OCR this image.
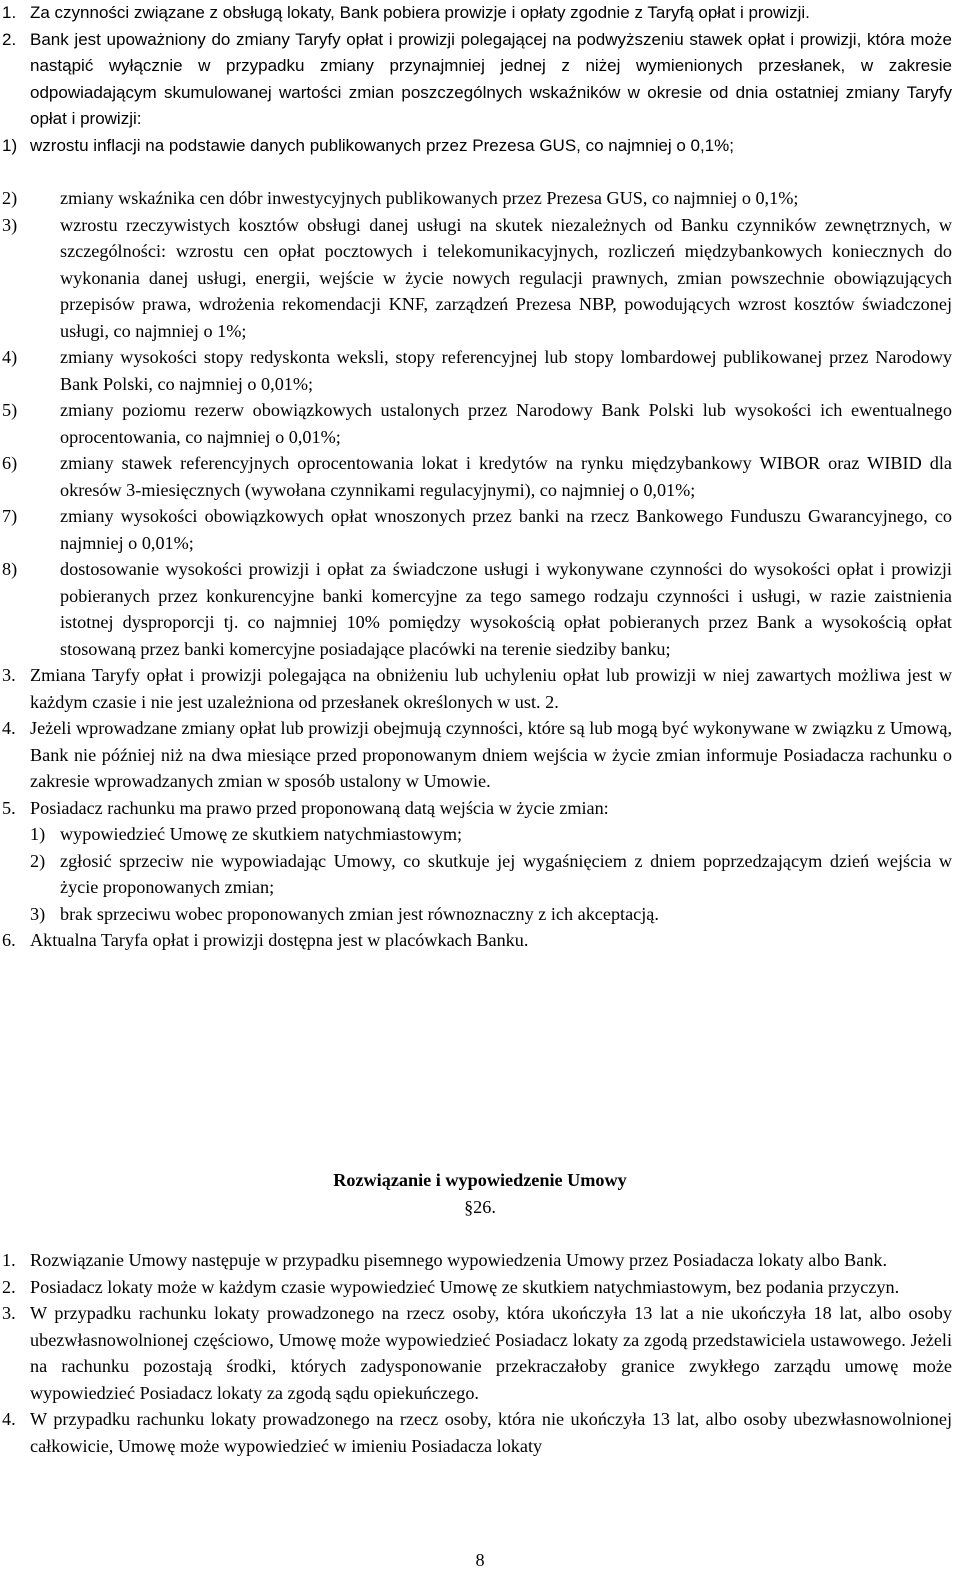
1. Za czynności związane z obsługą lokaty, Bank pobiera prowizje i opłaty zgodnie z Taryfą opłat i prowizji.
2. Bank jest upoważniony do zmiany Taryfy opłat i prowizji polegającej na podwyższeniu stawek opłat i prowizji, która może nastąpić wyłącznie w przypadku zmiany przynajmniej jednej z niżej wymienionych przesłanek, w zakresie odpowiadającym skumulowanej wartości zmian poszczególnych wskaźników w okresie od dnia ostatniej zmiany Taryfy opłat i prowizji:
1) wzrostu inflacji na podstawie danych publikowanych przez Prezesa GUS, co najmniej o 0,1%;
2) zmiany wskaźnika cen dóbr inwestycyjnych publikowanych przez Prezesa GUS, co najmniej o 0,1%;
3) wzrostu rzeczywistych kosztów obsługi danej usługi na skutek niezależnych od Banku czynników zewnętrznych, w szczególności: wzrostu cen opłat pocztowych i telekomunikacyjnych, rozliczeń międzybankowych koniecznych do wykonania danej usługi, energii, wejście w życie nowych regulacji prawnych, zmian powszechnie obowiązujących przepisów prawa, wdrożenia rekomendacji KNF, zarządzeń Prezesa NBP, powodujących wzrost kosztów świadczonej usługi, co najmniej o 1%;
4) zmiany wysokości stopy redyskonta weksli, stopy referencyjnej lub stopy lombardowej publikowanej przez Narodowy Bank Polski, co najmniej o 0,01%;
5) zmiany poziomu rezerw obowiązkowych ustalonych przez Narodowy Bank Polski lub wysokości ich ewentualnego oprocentowania, co najmniej o 0,01%;
6) zmiany stawek referencyjnych oprocentowania lokat i kredytów na rynku międzybankowy WIBOR oraz WIBID dla okresów 3-miesięcznych (wywołana czynnikami regulacyjnymi), co najmniej o 0,01%;
7) zmiany wysokości obowiązkowych opłat wnoszonych przez banki na rzecz Bankowego Funduszu Gwarancyjnego, co najmniej o 0,01%;
8) dostosowanie wysokości prowizji i opłat za świadczone usługi i wykonywane czynności do wysokości opłat i prowizji pobieranych przez konkurencyjne banki komercyjne za tego samego rodzaju czynności i usługi, w razie zaistnienia istotnej dysproporcji tj. co najmniej 10% pomiędzy wysokością opłat pobieranych przez Bank a wysokością opłat stosowaną przez banki komercyjne posiadające placówki na terenie siedziby banku;
3. Zmiana Taryfy opłat i prowizji polegająca na obniżeniu lub uchyleniu opłat lub prowizji w niej zawartych możliwa jest w każdym czasie i nie jest uzależniona od przesłanek określonych w ust. 2.
4. Jeżeli wprowadzane zmiany opłat lub prowizji obejmują czynności, które są lub mogą być wykonywane w związku z Umową, Bank nie później niż na dwa miesiące przed proponowanym dniem wejścia w życie zmian informuje Posiadacza rachunku o zakresie wprowadzanych zmian w sposób ustalony w Umowie.
5. Posiadacz rachunku ma prawo przed proponowaną datą wejścia w życie zmian:
1) wypowiedzieć Umowę ze skutkiem natychmiastowym;
2) zgłosić sprzeciw nie wypowiadając Umowy, co skutkuje jej wygaśnięciem z dniem poprzedzającym dzień wejścia w życie proponowanych zmian;
3) brak sprzeciwu wobec proponowanych zmian jest równoznaczny z ich akceptacją.
6. Aktualna Taryfa opłat i prowizji dostępna jest w placówkach Banku.
Rozwiązanie i wypowiedzenie Umowy
§26.
1. Rozwiązanie Umowy następuje w przypadku pisemnego wypowiedzenia Umowy przez Posiadacza lokaty albo Bank.
2. Posiadacz lokaty może w każdym czasie wypowiedzieć Umowę ze skutkiem natychmiastowym, bez podania przyczyn.
3. W przypadku rachunku lokaty prowadzonego na rzecz osoby, która ukończyła 13 lat a nie ukończyła 18 lat, albo osoby ubezwłasnowolnionej częściowo, Umowę może wypowiedzieć Posiadacz lokaty za zgodą przedstawiciela ustawowego. Jeżeli na rachunku pozostają środki, których zadysponowanie przekraczałoby granice zwykłego zarządu umowę może wypowiedzieć Posiadacz lokaty za zgodą sądu opiekuńczego.
4. W przypadku rachunku lokaty prowadzonego na rzecz osoby, która nie ukończyła 13 lat, albo osoby ubezwłasnowolnionej całkowicie, Umowę może wypowiedzieć w imieniu Posiadacza lokaty
8
